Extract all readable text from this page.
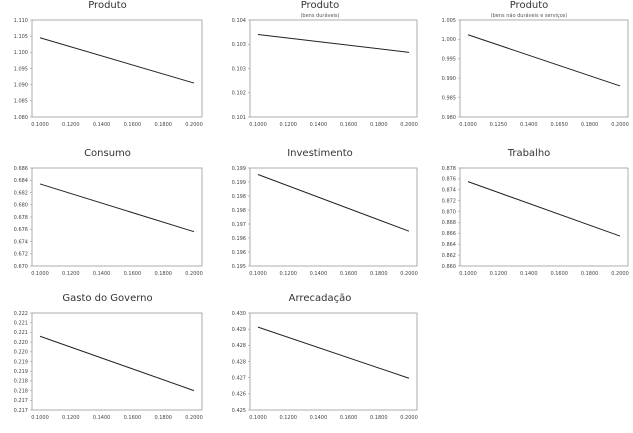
1.080
1.085
1.090
1.095
1.100
1.105
1.110
0.1000	0.1200	0.1400	0.1600	0.1800	0.2000
Produto
0.101
0.102
0.103
0.103
0.104
0.1000	0.1200	0.1400	0.1600	0.1800	0.2000
Produto
(bens duráveis)
0.980
0.985
0.990
0.995
1.000
1.005
0.1000	0.1250	0.1400	0.1650	0.1800	0.2000
Produto
(bens não duráveis e serviços)
0.670
0.672
0.674
0.676
0.678
0.680
0.682
0.684
0.686
0.1000	0.1200	0.1400	0.1600	0.1800	0.2000
Consumo
0.195
0.196
0.196
0.197
0.198
0.198
0.199
0.199
0.1000	0.1200	0.1400	0.1600	0.1800	0.2000
Investimento
0.860
0.862
0.864
0.866
0.868
0.870
0.872
0.874
0.876
0.878
0.1000	0.1200	0.1400	0.1600	0.1800	0.2000
Trabalho
0.217
0.217
0.218
0.218
0.219
0.219
0.220
0.220
0.221
0.221
0.222
0.1000	0.1200	0.1400	0.1600	0.1800	0.2000
Gasto do Governo
0.425
0.426
0.427
0.428
0.428
0.429
0.430
0.1000	0.1200	0.1400	0.1600	0.1800	0.2000
Arrecadação
